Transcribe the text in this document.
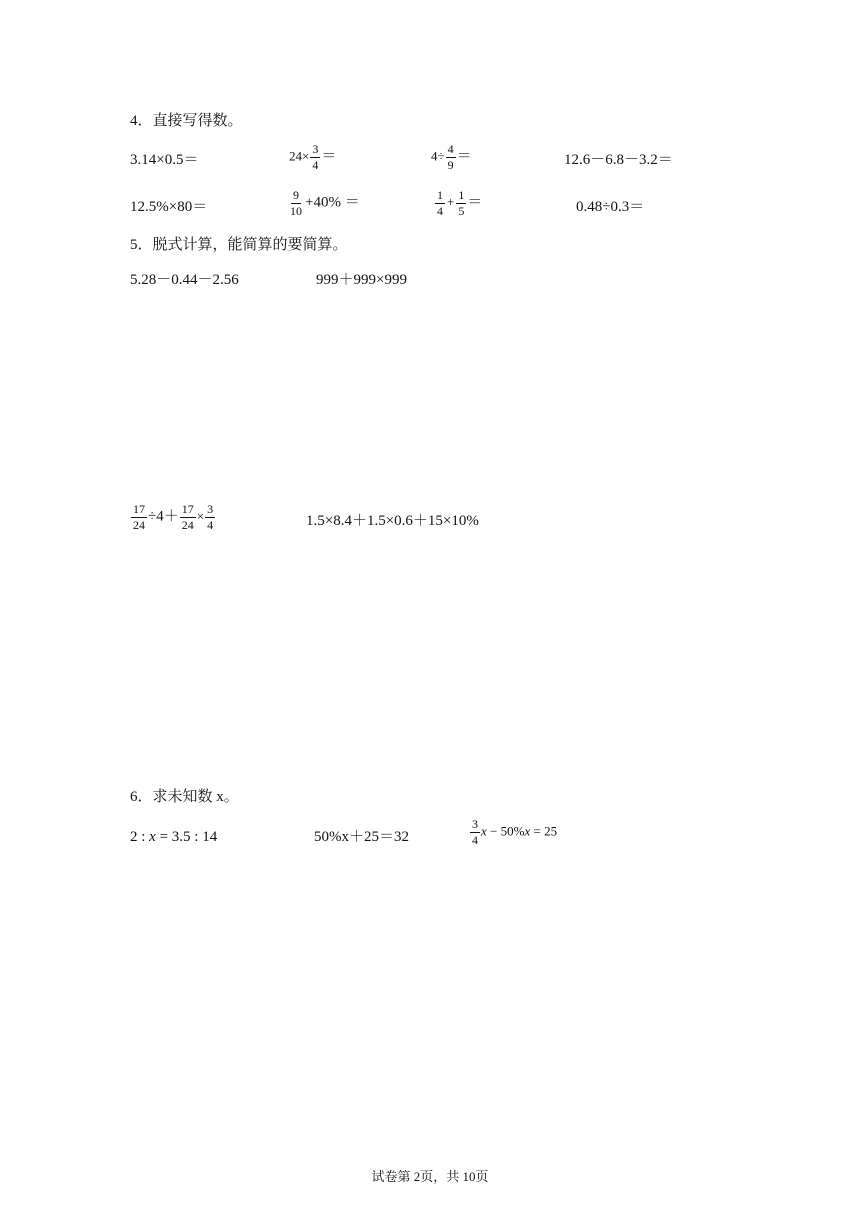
4．直接写得数。
3.14×0.5＝	$24\times \frac{3}{4}$ ＝	$4\div \frac{4}{9}$ ＝	12.6－6.8－3.2＝
12.5%×80＝	$\frac{9}{10} +40\%$ ＝	$\frac{1}{4} + \frac{1}{5}$ ＝	0.48÷0.3＝
5．脱式计算，能简算的要简算。
5.28－0.44－2.56	999＋999×999
$\frac{17}{24} \div 4+ \frac{17}{24} \times \frac{3}{4}$	1.5×8.4＋1.5×0.6＋15×10%
6．求未知数 x。
2 : x = 3.5 : 14	50%x＋25＝32	$\frac{3}{4}$ x − 50%x = 25
试卷第 2页，共 10页
